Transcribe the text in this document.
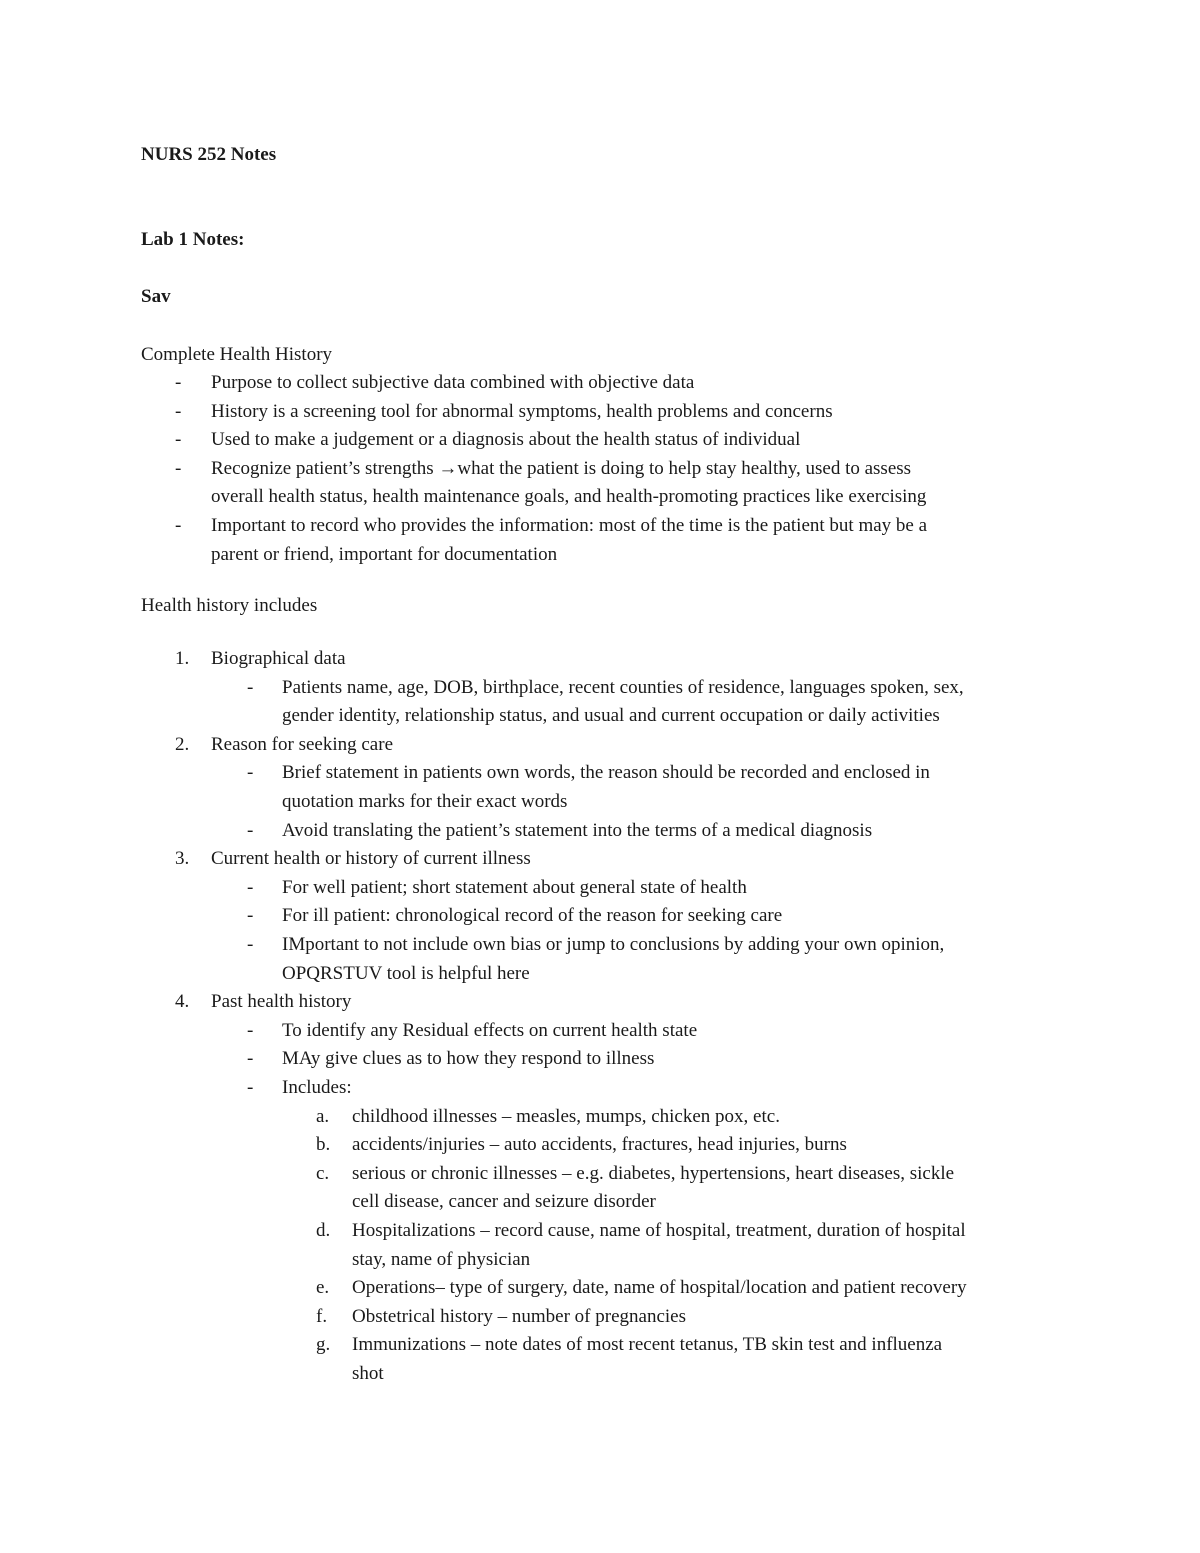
NURS 252 Notes
Lab 1 Notes:
Sav
Complete Health History
Health history includes
- Purpose to collect subjective data combined with objective data
- History is a screening tool for abnormal symptoms, health problems and concerns
- Used to make a judgement or a diagnosis about the health status of individual
- Recognize patient’s strengths →what the patient is doing to help stay healthy, used to assess
overall health status, health maintenance goals, and health-promoting practices like exercising
- Important to record who provides the information: most of the time is the patient but may be a
parent or friend, important for documentation
1. Biographical data
- Patients name, age, DOB, birthplace, recent counties of residence, languages spoken, sex,
gender identity, relationship status, and usual and current occupation or daily activities
2. Reason for seeking care
- Brief statement in patients own words, the reason should be recorded and enclosed in
quotation marks for their exact words
- Avoid translating the patient’s statement into the terms of a medical diagnosis
3. Current health or history of current illness
- For well patient; short statement about general state of health
- For ill patient: chronological record of the reason for seeking care
- IMportant to not include own bias or jump to conclusions by adding your own opinion,
OPQRSTUV tool is helpful here
4. Past health history
- To identify any Residual effects on current health state
- MAy give clues as to how they respond to illness
- Includes:
a. childhood illnesses – measles, mumps, chicken pox, etc.
b. accidents/injuries – auto accidents, fractures, head injuries, burns
c. serious or chronic illnesses – e.g. diabetes, hypertensions, heart diseases, sickle
cell disease, cancer and seizure disorder
d. Hospitalizations – record cause, name of hospital, treatment, duration of hospital
stay, name of physician
e. Operations– type of surgery, date, name of hospital/location and patient recovery
f. Obstetrical history – number of pregnancies
g. Immunizations – note dates of most recent tetanus, TB skin test and influenza
shot
